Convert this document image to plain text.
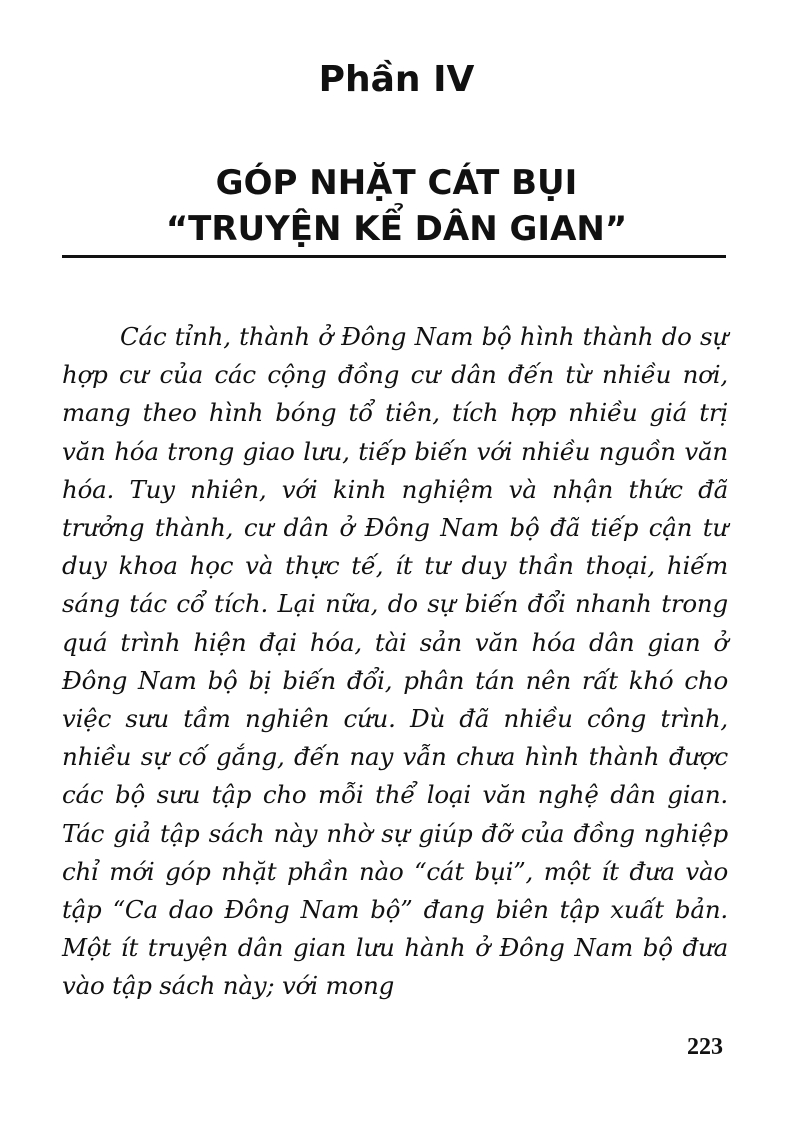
Phần IV
GÓP NHẶT CÁT BỤI
“TRUYỆN KỂ DÂN GIAN”

Các tỉnh, thành ở Đông Nam bộ hình thành do sự hợp cư của các cộng đồng cư dân đến từ nhiều nơi, mang theo hình bóng tổ tiên, tích hợp nhiều giá trị văn hóa trong giao lưu, tiếp biến với nhiều nguồn văn hóa. Tuy nhiên, với kinh nghiệm và nhận thức đã trưởng thành, cư dân ở Đông Nam bộ đã tiếp cận tư duy khoa học và thực tế, ít tư duy thần thoại, hiếm sáng tác cổ tích. Lại nữa, do sự biến đổi nhanh trong quá trình hiện đại hóa, tài sản văn hóa dân gian ở Đông Nam bộ bị biến đổi, phân tán nên rất khó cho việc sưu tầm nghiên cứu. Dù đã nhiều công trình, nhiều sự cố gắng, đến nay vẫn chưa hình thành được các bộ sưu tập cho mỗi thể loại văn nghệ dân gian. Tác giả tập sách này nhờ sự giúp đỡ của đồng nghiệp chỉ mới góp nhặt phần nào “cát bụi”, một ít đưa vào tập “Ca dao Đông Nam bộ” đang biên tập xuất bản. Một ít truyện dân gian lưu hành ở Đông Nam bộ đưa vào tập sách này; với mong

223
